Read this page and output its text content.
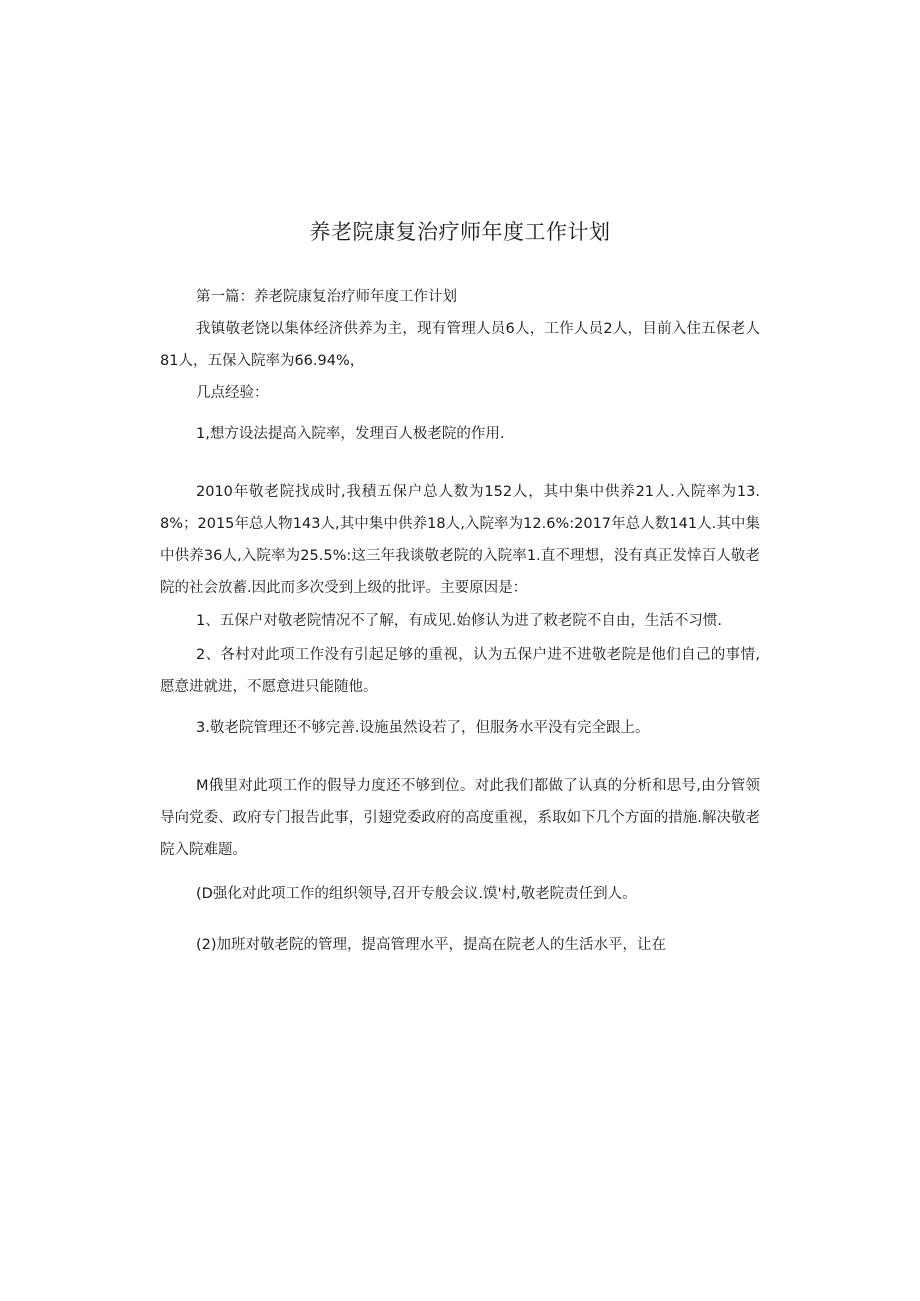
养老院康复治疗师年度工作计划
第一篇：养老院康复治疗师年度工作计划
我镇敬老饶以集体经济供养为主，现有管理人员6人，工作人员2人，目前入住五保老人81人，五保入院率为66.94%，
几点经验：
1,想方设法提高入院率，发理百人极老院的作用.
2010年敬老院找成时,我積五保户总人数为152人，其中集中供养21人.入院率为13.8%；2015年总人物143人,其中集中供养18人,入院率为12.6%:2017年总人数141人.其中集中供养36人,入院率为25.5%:这三年我谈敬老院的入院率1.直不理想，没有真正发悻百人敬老院的社会放蓄.因此而多次受到上级的批评。主要原因是：
1、五保户对敬老院情况不了解，有成见.始修认为进了敕老院不自由，生活不习惯.
2、各村对此项工作没有引起足够的重视，认为五保户进不进敬老院是他们自己的事情,愿意进就进，不愿意进只能随他。
3.敬老院管理还不够完善.设施虽然设若了，但服务水平没有完全跟上。
M俄里对此项工作的假导力度还不够到位。对此我们都做了认真的分析和思号,由分管领导向党委、政府专门报告此事，引翅党委政府的高度重视，系取如下几个方面的措施.解决敬老院入院难题。
(D强化对此项工作的组织领导,召开专般会议.馍'村,敬老院责任到人。
(2)加班对敬老院的管理，提高管理水平，提高在院老人的生活水平，让在
